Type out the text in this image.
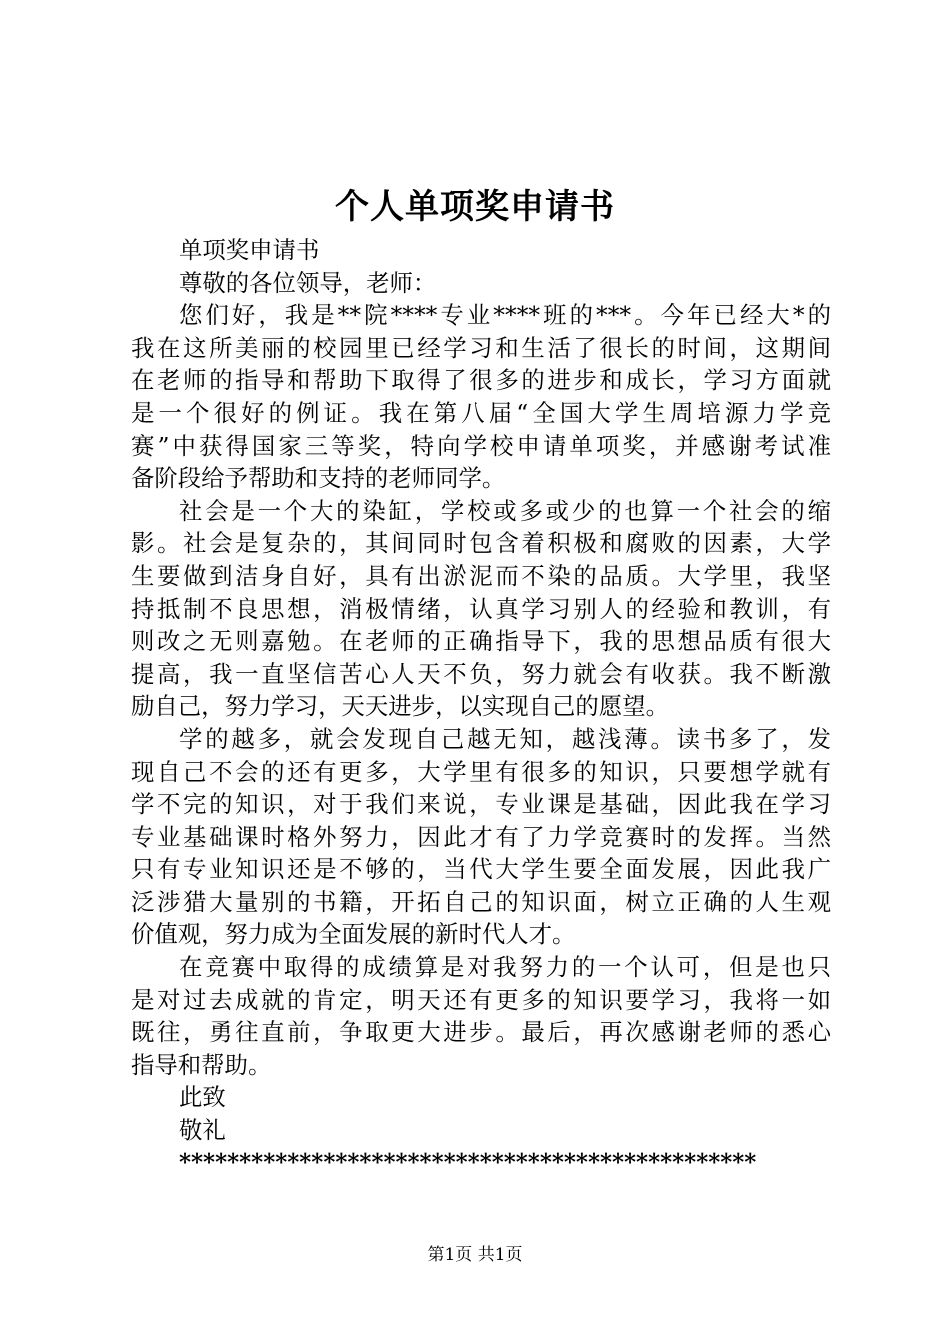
个人单项奖申请书
单项奖申请书
尊敬的各位领导，老师：
您们好，我是**院****专业****班的***。今年已经大*的
我在这所美丽的校园里已经学习和生活了很长的时间，这期间
在老师的指导和帮助下取得了很多的进步和成长，学习方面就
是一个很好的例证。我在第八届“全国大学生周培源力学竞
赛”中获得国家三等奖，特向学校申请单项奖，并感谢考试准
备阶段给予帮助和支持的老师同学。
社会是一个大的染缸，学校或多或少的也算一个社会的缩
影。社会是复杂的，其间同时包含着积极和腐败的因素，大学
生要做到洁身自好，具有出淤泥而不染的品质。大学里，我坚
持抵制不良思想，消极情绪，认真学习别人的经验和教训，有
则改之无则嘉勉。在老师的正确指导下，我的思想品质有很大
提高，我一直坚信苦心人天不负，努力就会有收获。我不断激
励自己，努力学习，天天进步，以实现自己的愿望。
学的越多，就会发现自己越无知，越浅薄。读书多了，发
现自己不会的还有更多，大学里有很多的知识，只要想学就有
学不完的知识，对于我们来说，专业课是基础，因此我在学习
专业基础课时格外努力，因此才有了力学竞赛时的发挥。当然
只有专业知识还是不够的，当代大学生要全面发展，因此我广
泛涉猎大量别的书籍，开拓自己的知识面，树立正确的人生观
价值观，努力成为全面发展的新时代人才。
在竞赛中取得的成绩算是对我努力的一个认可，但是也只
是对过去成就的肯定，明天还有更多的知识要学习，我将一如
既往，勇往直前，争取更大进步。最后，再次感谢老师的悉心
指导和帮助。
此致
敬礼
************************************************
第1页 共1页
